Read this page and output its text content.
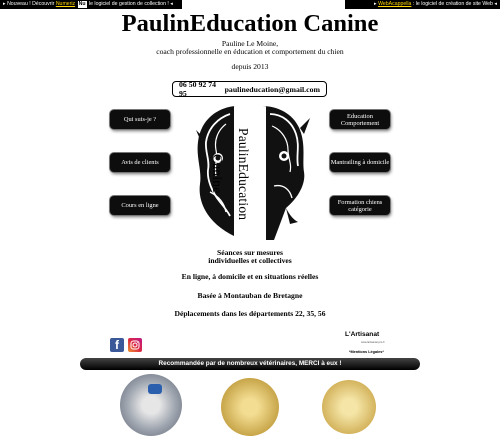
▸ Nouveau ! Découvrir Numeriz Nu le logiciel de gestion de collection ! ◂	▸ WebAcappella : le logiciel de création de site Web ◂
PaulinEducation Canine
Pauline Le Moine,
coach professionnelle en éducation et comportement du chien
depuis 2013
06 50 92 74 95	paulineducation@gmail.com
Qui suis-je ?
Avis de clients
Cours en ligne
Education Comportement
Mantrailing à domicile
Formation chiens catégorie
PaulinEducation Canine
Séances sur mesures
individuelles et collectives
En ligne, à domicile et en situations réelles
Basée à Montauban de Bretagne
Déplacements dans les départements 22, 35, 56
f
L'Artisanat
www.lartisanat-pro.fr
*Mentions Légales*
Recommandée par de nombreux vétérinaires, MERCI à eux !
